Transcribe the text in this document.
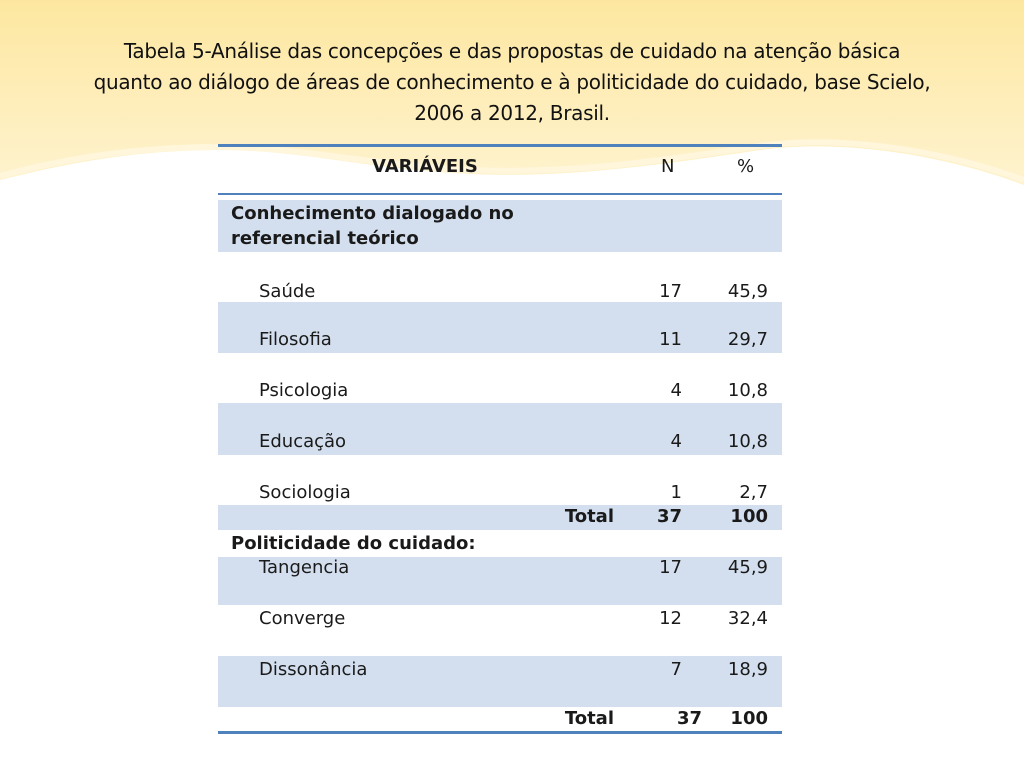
Tabela 5-Análise das concepções e das propostas de cuidado na atenção básica quanto ao diálogo de áreas de conhecimento e à politicidade do cuidado, base Scielo, 2006 a 2012, Brasil.
VARIÁVEIS	N	%
Conhecimento dialogado no
referencial teórico
Saúde	17	45,9
Filosofia	11	29,7
Psicologia	4	10,8
Educação	4	10,8
Sociologia	1	2,7
Total 37	100
Politicidade do cuidado:
Tangencia	17	45,9
Converge	12	32,4
Dissonância	7	18,9
Total	37 100
